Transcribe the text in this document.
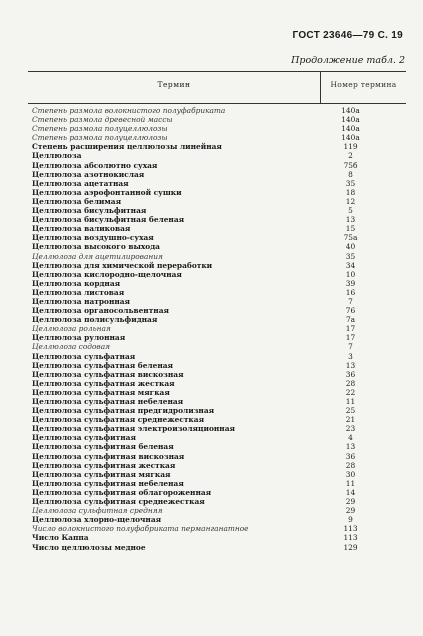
ГОСТ 23646—79 С. 19
Продолжение табл. 2
Термин	Номер термина
Степень размола волокнистого полуфабриката	140а
Степень размола древесной массы	140а
Степень размола полуцеллюлозы	140а
Степень размола полуцеллюлозы	140а
Степень расширения целлюлозы линейная	119
Целлюлоза	2
Целлюлоза абсолютно сухая	75б
Целлюлоза азотнокислая	8
Целлюлоза ацетатная	35
Целлюлоза аэрофонтанной сушки	18
Целлюлоза белимая	12
Целлюлоза бисульфитная	5
Целлюлоза бисульфитная беленая	13
Целлюлоза валиковая	15
Целлюлоза воздушно-сухая	75а
Целлюлоза высокого выхода	40
Целлюлоза для ацетилирования	35
Целлюлоза для химической переработки	34
Целлюлоза кислородно-щелочная	10
Целлюлоза кордная	39
Целлюлоза листовая	16
Целлюлоза натронная	7
Целлюлоза органосольвентная	76
Целлюлоза полисульфидная	7а
Целлюлоза рольная	17
Целлюлоза рулонная	17
Целлюлоза содовая	7
Целлюлоза сульфатная	3
Целлюлоза сульфатная беленая	13
Целлюлоза сульфатная вискозная	36
Целлюлоза сульфатная жесткая	28
Целлюлоза сульфатная мягкая	22
Целлюлоза сульфатная небеленая	11
Целлюлоза сульфатная предгидролизная	25
Целлюлоза сульфатная среднежесткая	21
Целлюлоза сульфатная электроизоляционная	23
Целлюлоза сульфитная	4
Целлюлоза сульфитная беленая	13
Целлюлоза сульфитная вискозная	36
Целлюлоза сульфитная жесткая	28
Целлюлоза сульфитная мягкая	30
Целлюлоза сульфитная небеленая	11
Целлюлоза сульфитная облагороженная	14
Целлюлоза сульфитная среднежесткая	29
Целлюлоза сульфитная средняя	29
Целлюлоза хлорно-щелочная	9
Число волокнистого полуфабриката перманганатное	113
Число Каппа	113
Число целлюлозы медное	129
